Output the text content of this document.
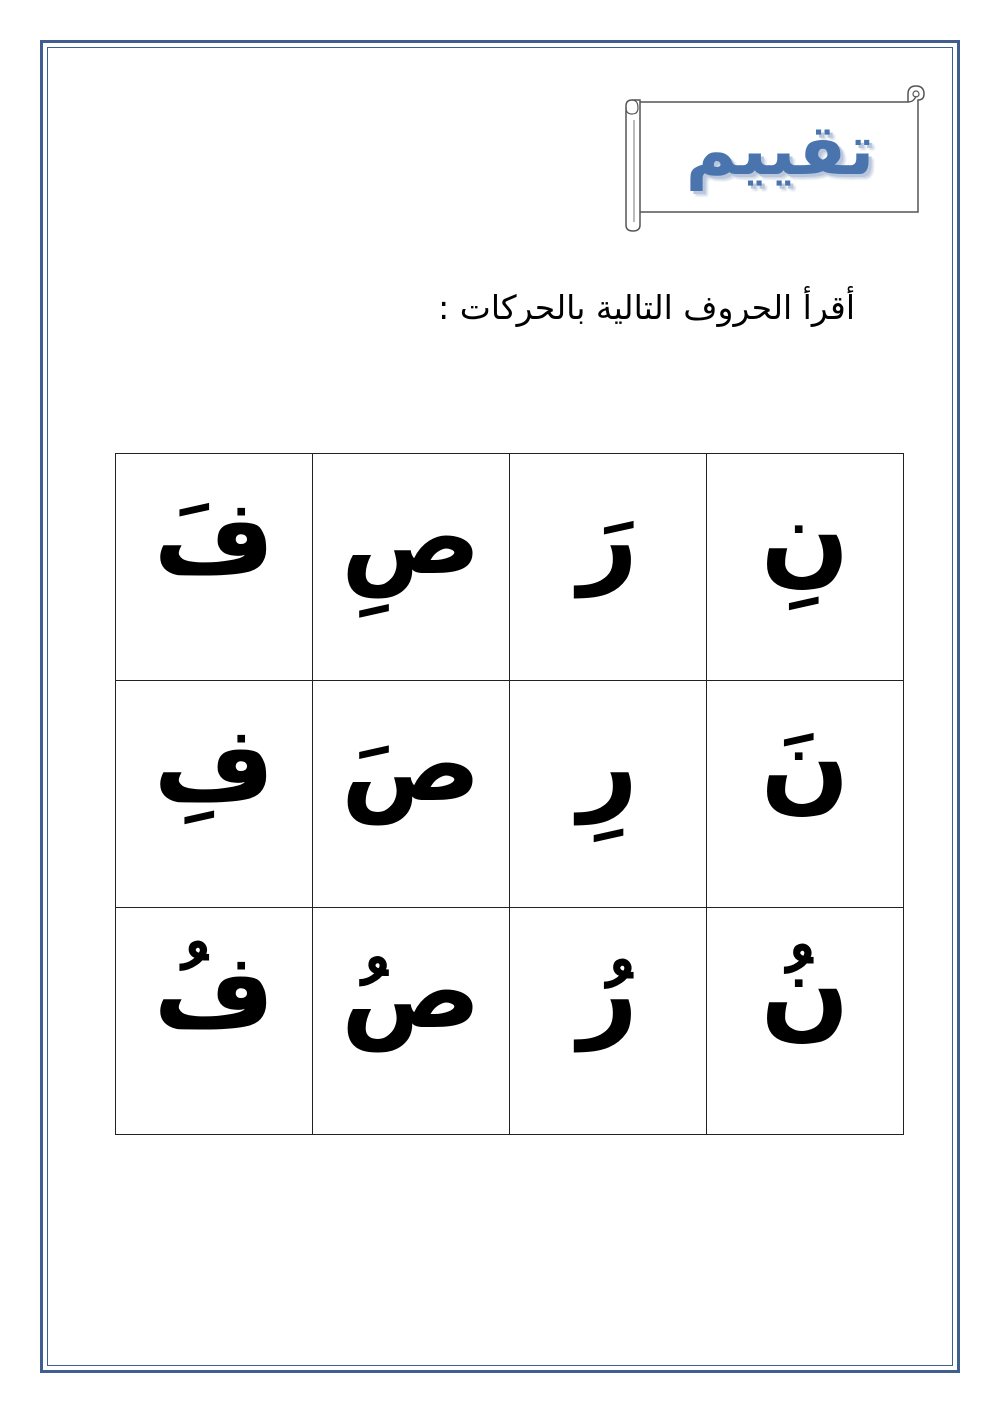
تقييم
أقرأ الحروف التالية بالحركات :
نِ	رَ	صِ	فَ

نَ	رِ	صَ	فِ

نُ	رُ	صُ	فُ
